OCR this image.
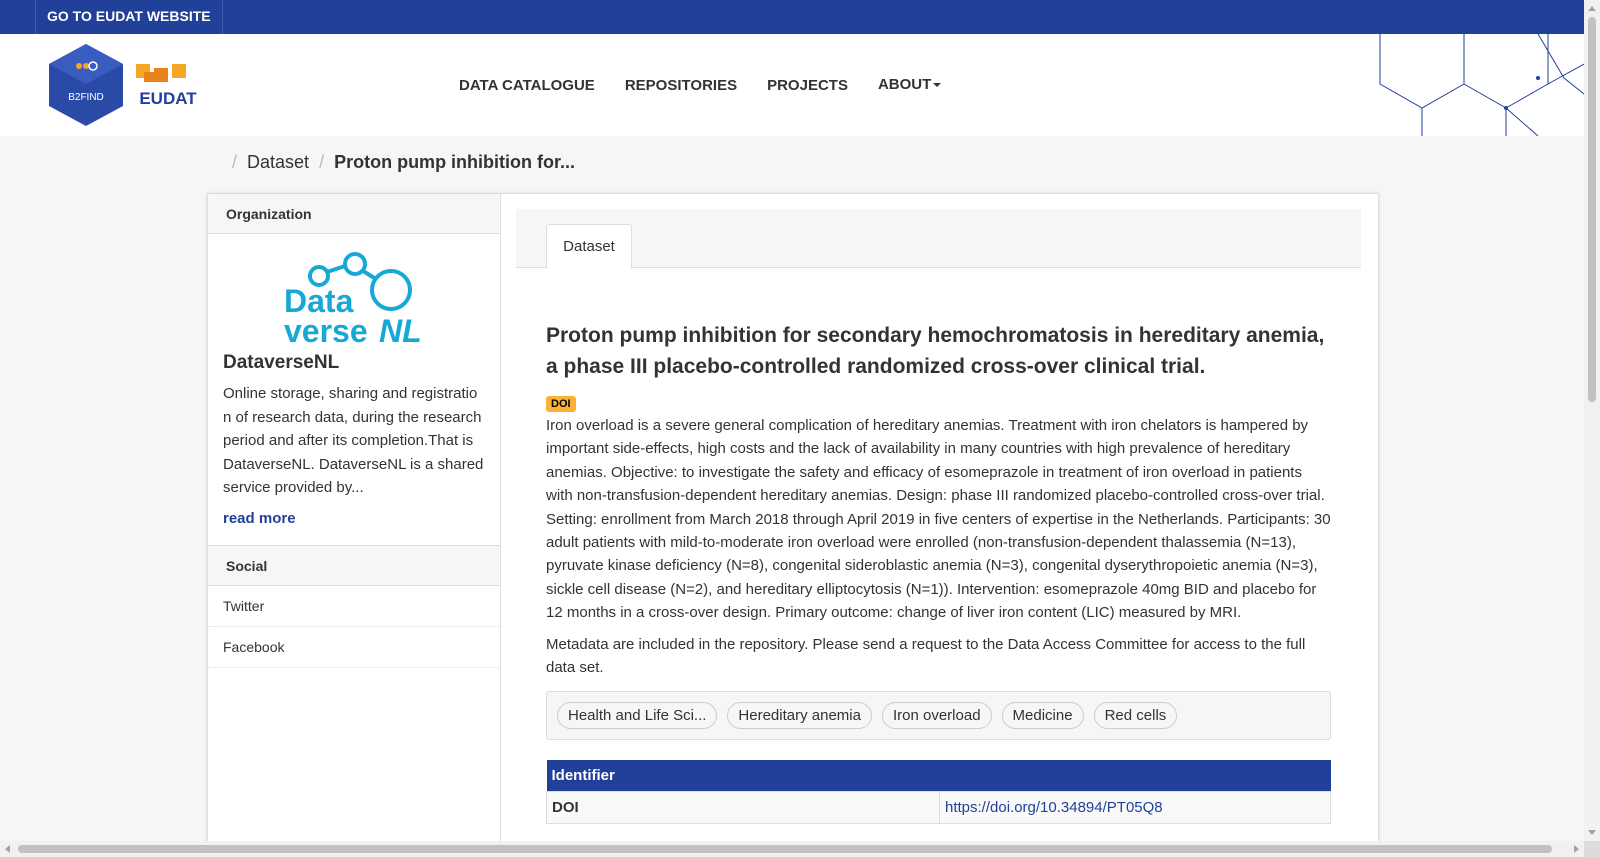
GO TO EUDAT WEBSITE
B2FIND EUDAT
DATA CATALOGUE REPOSITORIES PROJECTS ABOUT
/ Dataset / Proton pump inhibition for...
Organization
Data
verse NL
DataverseNL
Online storage, sharing and registration of research data, during the research period and after its completion.That is DataverseNL. DataverseNL is a shared service provided by...
read more
Social
Twitter
Facebook
Dataset
Proton pump inhibition for secondary hemochromatosis in hereditary anemia, a phase III placebo-controlled randomized cross-over clinical trial.
DOI

Iron overload is a severe general complication of hereditary anemias. Treatment with iron chelators is hampered by important side-effects, high costs and the lack of availability in many countries with high prevalence of hereditary anemias. Objective: to investigate the safety and efficacy of esomeprazole in treatment of iron overload in patients with non-transfusion-dependent hereditary anemias. Design: phase III randomized placebo-controlled cross-over trial. Setting: enrollment from March 2018 through April 2019 in five centers of expertise in the Netherlands. Participants: 30 adult patients with mild-to-moderate iron overload were enrolled (non-transfusion-dependent thalassemia (N=13), pyruvate kinase deficiency (N=8), congenital sideroblastic anemia (N=3), congenital dyserythropoietic anemia (N=3), sickle cell disease (N=2), and hereditary elliptocytosis (N=1)). Intervention: esomeprazole 40mg BID and placebo for 12 months in a cross-over design. Primary outcome: change of liver iron content (LIC) measured by MRI.

Metadata are included in the repository. Please send a request to the Data Access Committee for access to the full data set.

Health and Life Sci...	Hereditary anemia	Iron overload	Medicine	Red cells
Identifier
DOI	https://doi.org/10.34894/PT05Q8
